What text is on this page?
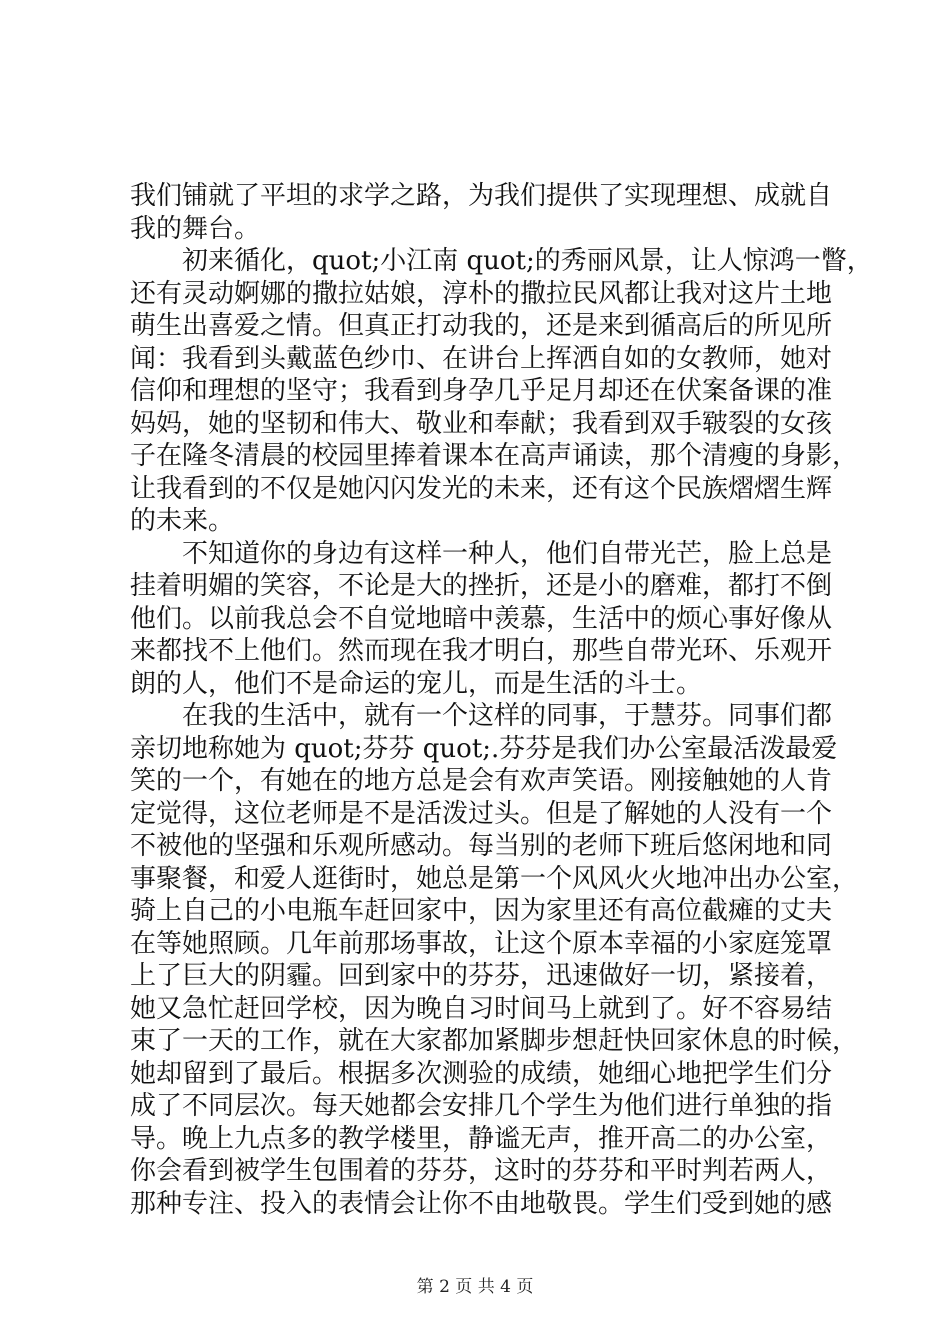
我们铺就了平坦的求学之路，为我们提供了实现理想、成就自
我的舞台。

　　初来循化，quot;小江南 quot;的秀丽风景，让人惊鸿一瞥，
还有灵动婀娜的撒拉姑娘，淳朴的撒拉民风都让我对这片土地
萌生出喜爱之情。但真正打动我的，还是来到循高后的所见所
闻：我看到头戴蓝色纱巾、在讲台上挥洒自如的女教师，她对
信仰和理想的坚守；我看到身孕几乎足月却还在伏案备课的准
妈妈，她的坚韧和伟大、敬业和奉献；我看到双手皲裂的女孩
子在隆冬清晨的校园里捧着课本在高声诵读，那个清瘦的身影，
让我看到的不仅是她闪闪发光的未来，还有这个民族熠熠生辉
的未来。

　　不知道你的身边有这样一种人，他们自带光芒，脸上总是
挂着明媚的笑容，不论是大的挫折，还是小的磨难，都打不倒
他们。以前我总会不自觉地暗中羡慕，生活中的烦心事好像从
来都找不上他们。然而现在我才明白，那些自带光环、乐观开
朗的人，他们不是命运的宠儿，而是生活的斗士。

　　在我的生活中，就有一个这样的同事，于慧芬。同事们都
亲切地称她为 quot;芬芬 quot;.芬芬是我们办公室最活泼最爱
笑的一个，有她在的地方总是会有欢声笑语。刚接触她的人肯
定觉得，这位老师是不是活泼过头。但是了解她的人没有一个
不被他的坚强和乐观所感动。每当别的老师下班后悠闲地和同
事聚餐，和爱人逛街时，她总是第一个风风火火地冲出办公室，
骑上自己的小电瓶车赶回家中，因为家里还有高位截瘫的丈夫
在等她照顾。几年前那场事故，让这个原本幸福的小家庭笼罩
上了巨大的阴霾。回到家中的芬芬，迅速做好一切，紧接着，
她又急忙赶回学校，因为晚自习时间马上就到了。好不容易结
束了一天的工作，就在大家都加紧脚步想赶快回家休息的时候，
她却留到了最后。根据多次测验的成绩，她细心地把学生们分
成了不同层次。每天她都会安排几个学生为他们进行单独的指
导。晚上九点多的教学楼里，静谧无声，推开高二的办公室，
你会看到被学生包围着的芬芬，这时的芬芬和平时判若两人，
那种专注、投入的表情会让你不由地敬畏。学生们受到她的感

第 2 页 共 4 页
